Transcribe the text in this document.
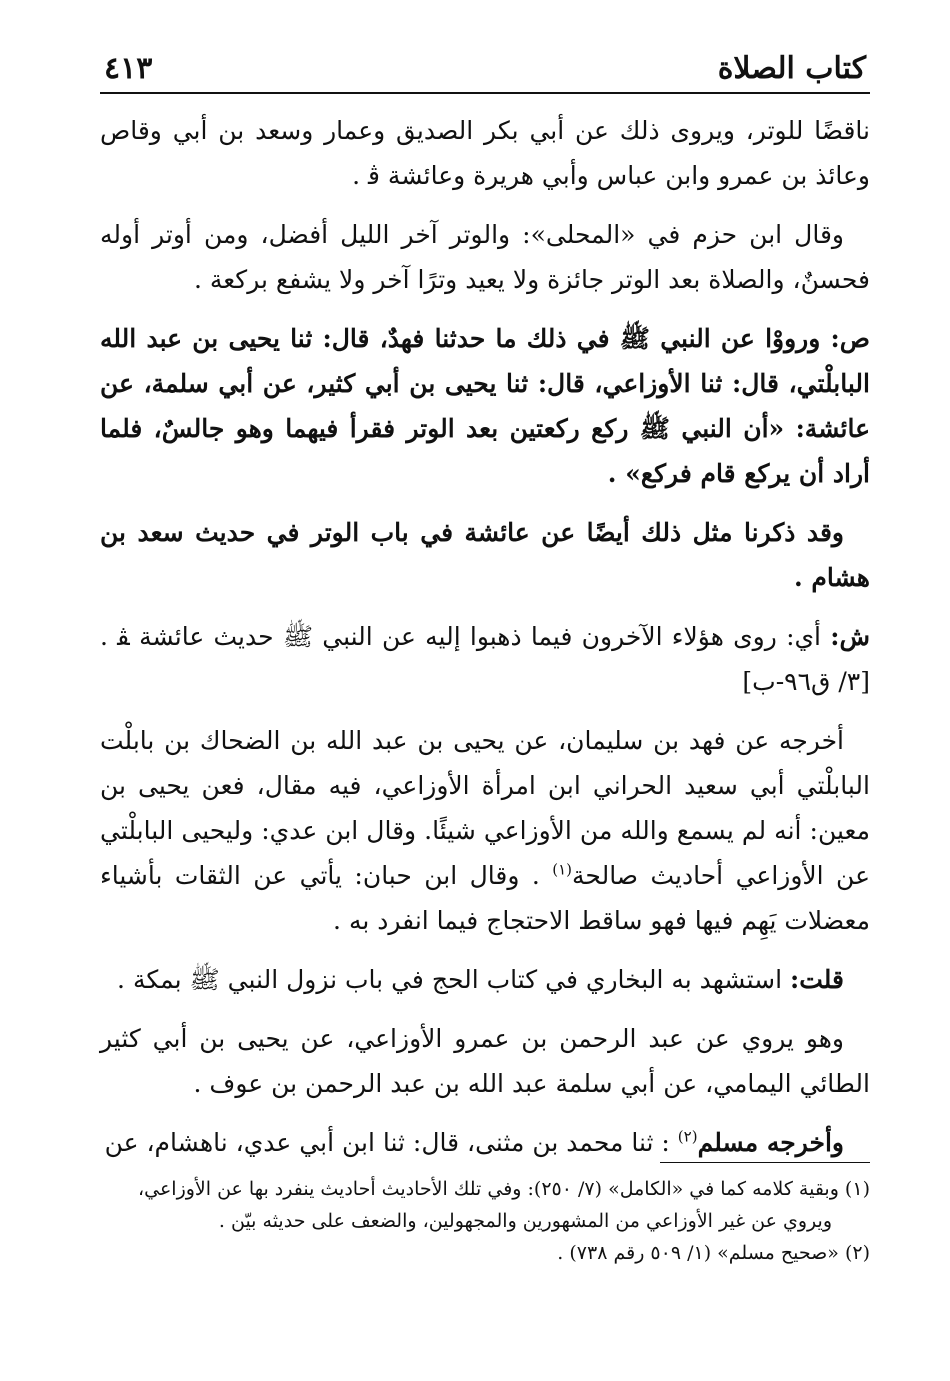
كتاب الصلاة
٤١٣

ناقضًا للوتر، ويروى ذلك عن أبي بكر الصديق وعمار وسعد بن أبي وقاص وعائذ بن عمرو وابن عباس وأبي هريرة وعائشة ﭬ .

وقال ابن حزم في «المحلى»: والوتر آخر الليل أفضل، ومن أوتر أوله فحسنٌ، والصلاة بعد الوتر جائزة ولا يعيد وترًا آخر ولا يشفع بركعة .

ص: ورووْا عن النبي ﷺ في ذلك ما حدثنا فهدٌ، قال: ثنا يحيى بن عبد الله البابلْتي، قال: ثنا الأوزاعي، قال: ثنا يحيى بن أبي كثير، عن أبي سلمة، عن عائشة: «أن النبي ﷺ ركع ركعتين بعد الوتر فقرأ فيهما وهو جالسٌ، فلما أراد أن يركع قام فركع» .

وقد ذكرنا مثل ذلك أيضًا عن عائشة في باب الوتر في حديث سعد بن هشام .

ش: أي: روى هؤلاء الآخرون فيما ذهبوا إليه عن النبي ﷺ حديث عائشة ﭭ . [٣/ ق٩٦-ب]

أخرجه عن فهد بن سليمان، عن يحيى بن عبد الله بن الضحاك بن بابلْت البابلْتي أبي سعيد الحراني ابن امرأة الأوزاعي، فيه مقال، فعن يحيى بن معين: أنه لم يسمع والله من الأوزاعي شيئًا. وقال ابن عدي: وليحيى البابلْتي عن الأوزاعي أحاديث صالحة$^{(١)}$ . وقال ابن حبان: يأتي عن الثقات بأشياء معضلات يَهِم فيها فهو ساقط الاحتجاج فيما انفرد به .

قلت: استشهد به البخاري في كتاب الحج في باب نزول النبي ﷺ بمكة .

وهو يروي عن عبد الرحمن بن عمرو الأوزاعي، عن يحيى بن أبي كثير الطائي اليمامي، عن أبي سلمة عبد الله بن عبد الرحمن بن عوف .

وأخرجه مسلم$^{(٢)}$ : ثنا محمد بن مثنى، قال: ثنا ابن أبي عدي، ناهشام، عن

(١) وبقية كلامه كما في «الكامل» (٧/ ٢٥٠): وفي تلك الأحاديث أحاديث ينفرد بها عن الأوزاعي،

ويروي عن غير الأوزاعي من المشهورين والمجهولين، والضعف على حديثه بيّن .

(٢) «صحيح مسلم» (١/ ٥٠٩ رقم ٧٣٨) .
